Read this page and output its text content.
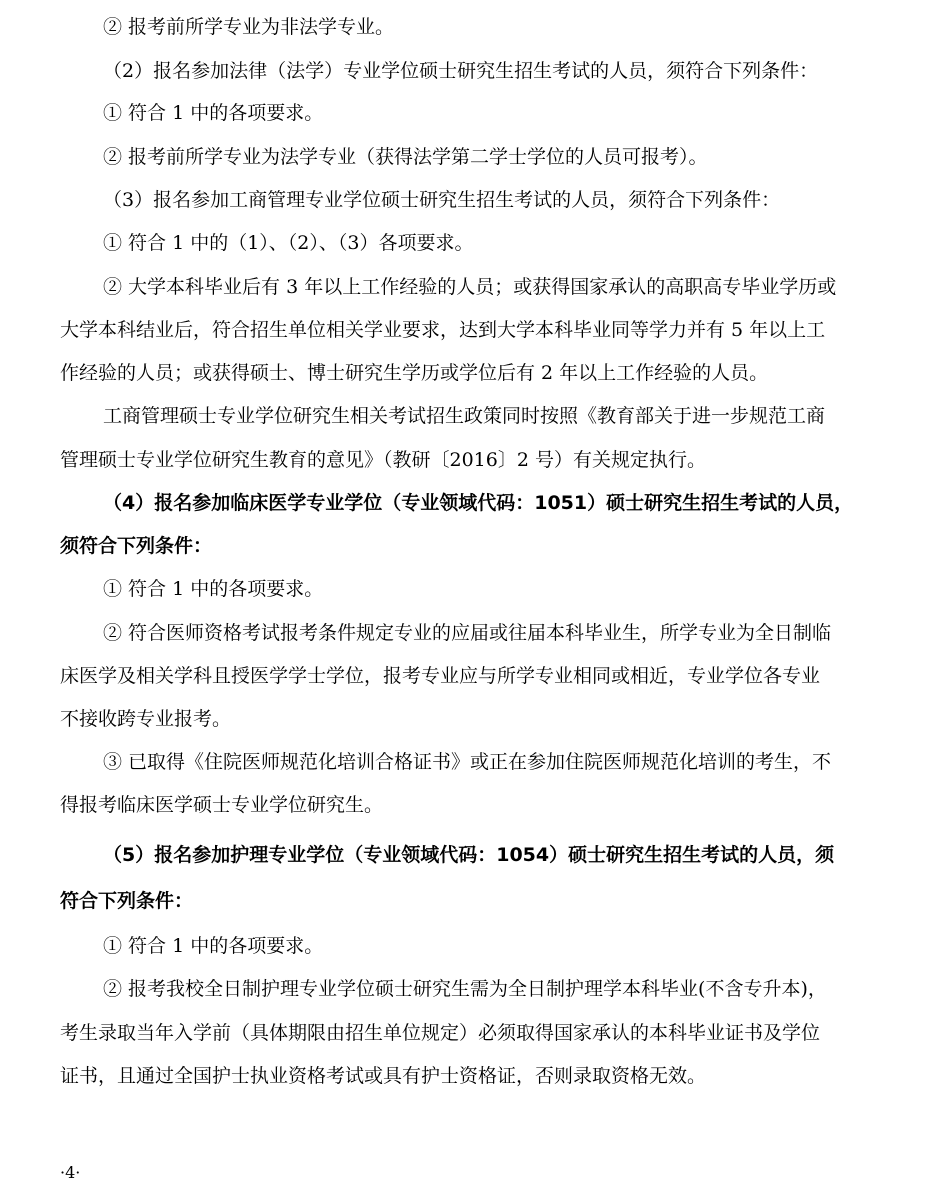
② 报考前所学专业为非法学专业。
（2）报名参加法律（法学）专业学位硕士研究生招生考试的人员，须符合下列条件：
① 符合 1 中的各项要求。
② 报考前所学专业为法学专业（获得法学第二学士学位的人员可报考）。
（3）报名参加工商管理专业学位硕士研究生招生考试的人员，须符合下列条件：
① 符合 1 中的（1）、（2）、（3）各项要求。
② 大学本科毕业后有 3 年以上工作经验的人员；或获得国家承认的高职高专毕业学历或
大学本科结业后，符合招生单位相关学业要求，达到大学本科毕业同等学力并有 5 年以上工
作经验的人员；或获得硕士、博士研究生学历或学位后有 2 年以上工作经验的人员。
工商管理硕士专业学位研究生相关考试招生政策同时按照《教育部关于进一步规范工商
管理硕士专业学位研究生教育的意见》（教研〔2016〕2 号）有关规定执行。
（4）报名参加临床医学专业学位（专业领域代码：1051）硕士研究生招生考试的人员，
须符合下列条件：
① 符合 1 中的各项要求。
② 符合医师资格考试报考条件规定专业的应届或往届本科毕业生，所学专业为全日制临
床医学及相关学科且授医学学士学位，报考专业应与所学专业相同或相近，专业学位各专业
不接收跨专业报考。
③ 已取得《住院医师规范化培训合格证书》或正在参加住院医师规范化培训的考生，不
得报考临床医学硕士专业学位研究生。
（5）报名参加护理专业学位（专业领域代码：1054）硕士研究生招生考试的人员，须
符合下列条件：
① 符合 1 中的各项要求。
② 报考我校全日制护理专业学位硕士研究生需为全日制护理学本科毕业(不含专升本)，
考生录取当年入学前（具体期限由招生单位规定）必须取得国家承认的本科毕业证书及学位
证书，且通过全国护士执业资格考试或具有护士资格证，否则录取资格无效。
·4·
